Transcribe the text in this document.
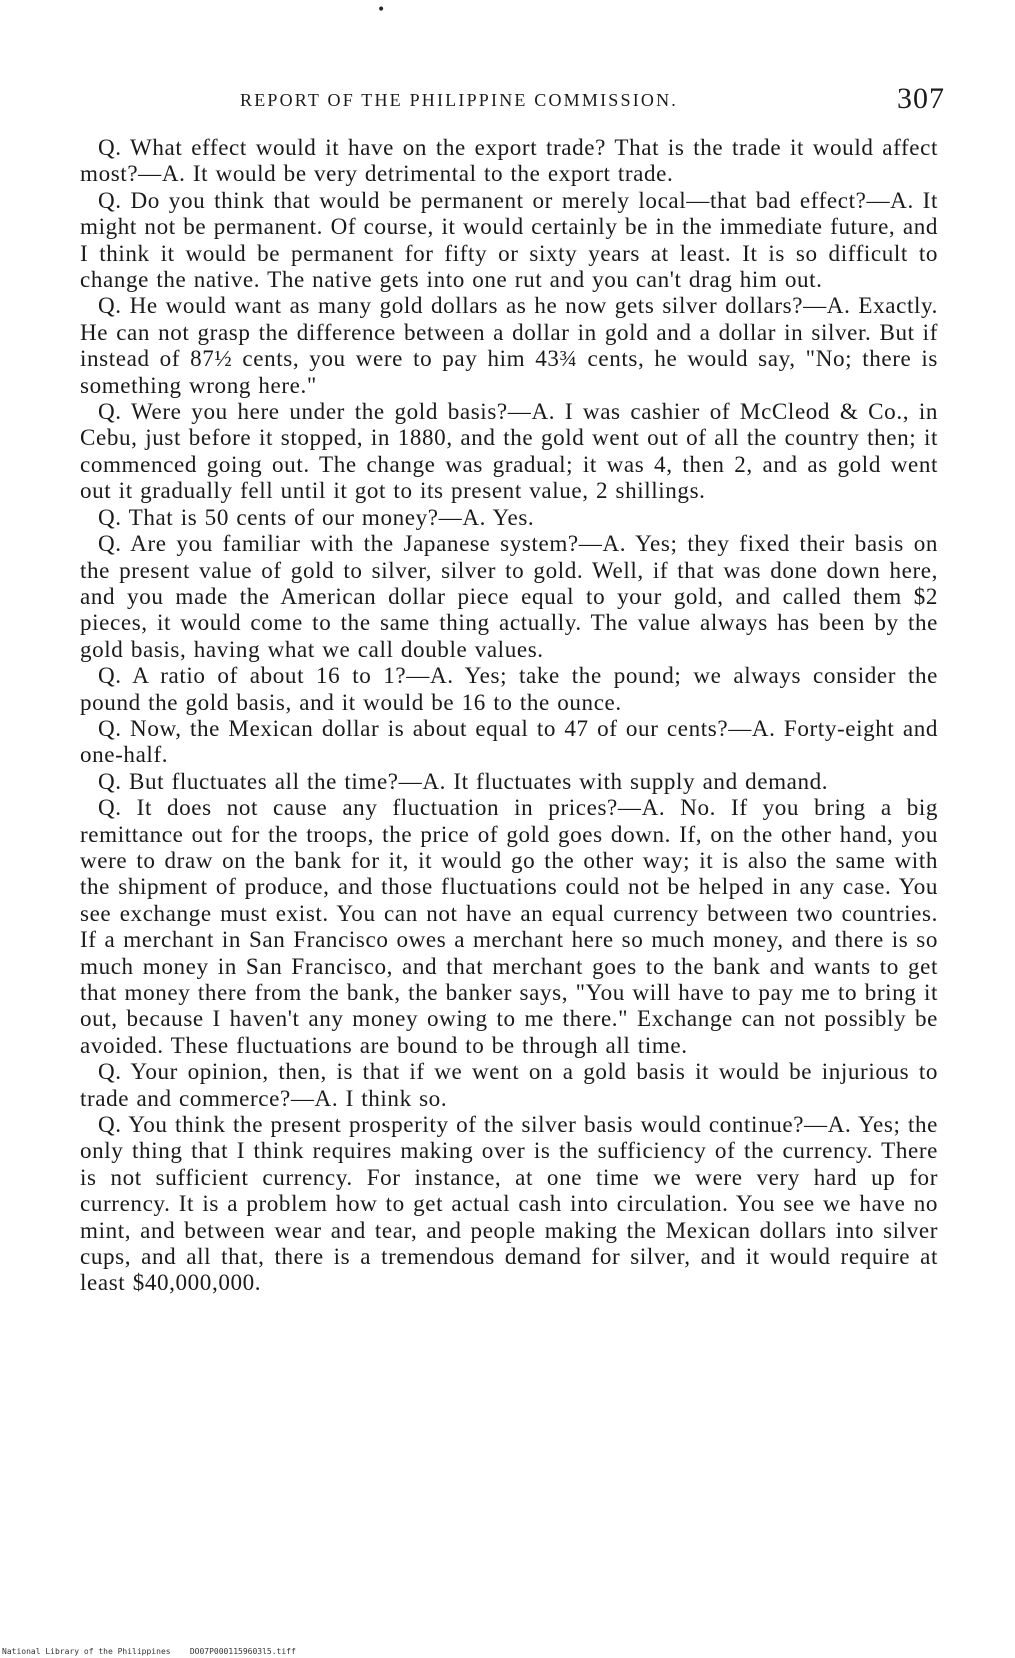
•
REPORT OF THE PHILIPPINE COMMISSION.	307

Q. What effect would it have on the export trade? That is the trade it would affect most?—A. It would be very detrimental to the export trade.

Q. Do you think that would be permanent or merely local—that bad effect?—A. It might not be permanent. Of course, it would certainly be in the immediate future, and I think it would be permanent for fifty or sixty years at least. It is so difficult to change the native. The native gets into one rut and you can't drag him out.

Q. He would want as many gold dollars as he now gets silver dollars?—A. Exactly. He can not grasp the difference between a dollar in gold and a dollar in silver. But if instead of 87½ cents, you were to pay him 43¾ cents, he would say, "No; there is something wrong here."

Q. Were you here under the gold basis?—A. I was cashier of McCleod & Co., in Cebu, just before it stopped, in 1880, and the gold went out of all the country then; it commenced going out. The change was gradual; it was 4, then 2, and as gold went out it gradually fell until it got to its present value, 2 shillings.

Q. That is 50 cents of our money?—A. Yes.

Q. Are you familiar with the Japanese system?—A. Yes; they fixed their basis on the present value of gold to silver, silver to gold. Well, if that was done down here, and you made the American dollar piece equal to your gold, and called them $2 pieces, it would come to the same thing actually. The value always has been by the gold basis, having what we call double values.

Q. A ratio of about 16 to 1?—A. Yes; take the pound; we always consider the pound the gold basis, and it would be 16 to the ounce.

Q. Now, the Mexican dollar is about equal to 47 of our cents?—A. Forty-eight and one-half.

Q. But fluctuates all the time?—A. It fluctuates with supply and demand.

Q. It does not cause any fluctuation in prices?—A. No. If you bring a big remittance out for the troops, the price of gold goes down. If, on the other hand, you were to draw on the bank for it, it would go the other way; it is also the same with the shipment of produce, and those fluctuations could not be helped in any case. You see exchange must exist. You can not have an equal currency between two countries. If a merchant in San Francisco owes a merchant here so much money, and there is so much money in San Francisco, and that merchant goes to the bank and wants to get that money there from the bank, the banker says, "You will have to pay me to bring it out, because I haven't any money owing to me there." Exchange can not possibly be avoided. These fluctuations are bound to be through all time.

Q. Your opinion, then, is that if we went on a gold basis it would be injurious to trade and commerce?—A. I think so.

Q. You think the present prosperity of the silver basis would continue?—A. Yes; the only thing that I think requires making over is the sufficiency of the currency. There is not sufficient currency. For instance, at one time we were very hard up for currency. It is a problem how to get actual cash into circulation. You see we have no mint, and between wear and tear, and people making the Mexican dollars into silver cups, and all that, there is a tremendous demand for silver, and it would require at least $40,000,000.

National Library of the Philippines    DO07P0001159603l5.tiff
